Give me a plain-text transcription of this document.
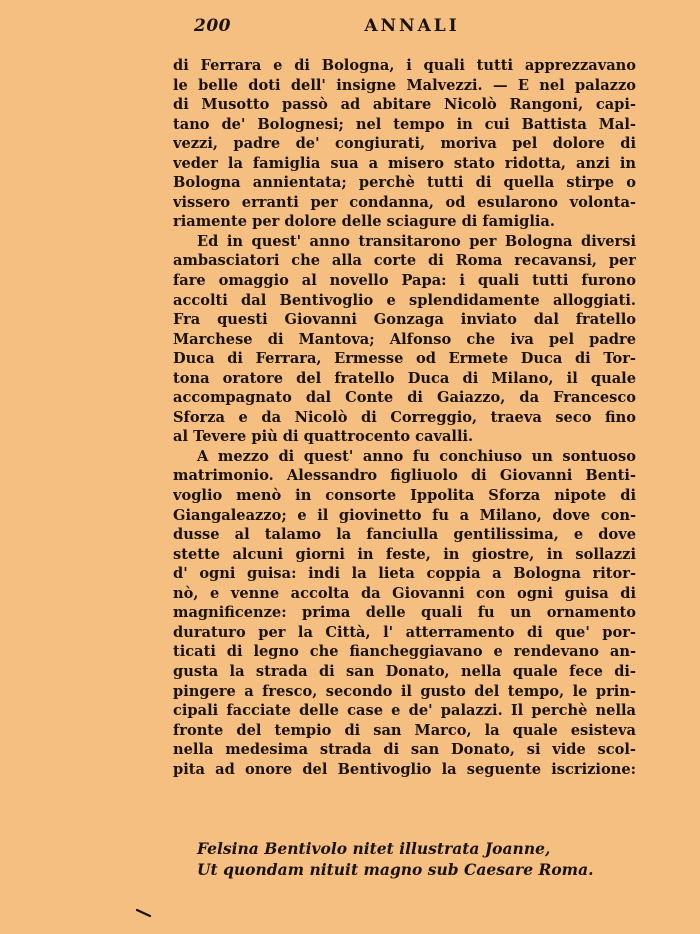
200	ANNALI
di Ferrara e di Bologna, i quali tutti apprezzavano
le belle doti dell' insigne Malvezzi. — E nel palazzo
di Musotto passò ad abitare Nicolò Rangoni, capi-
tano de' Bolognesi; nel tempo in cui Battista Mal-
vezzi, padre de' congiurati, moriva pel dolore di
veder la famiglia sua a misero stato ridotta, anzi in
Bologna annientata; perchè tutti di quella stirpe o
vissero erranti per condanna, od esularono volonta-
riamente per dolore delle sciagure di famiglia.
Ed in quest' anno transitarono per Bologna diversi
ambasciatori che alla corte di Roma recavansi, per
fare omaggio al novello Papa: i quali tutti furono
accolti dal Bentivoglio e splendidamente alloggiati.
Fra questi Giovanni Gonzaga inviato dal fratello
Marchese di Mantova; Alfonso che iva pel padre
Duca di Ferrara, Ermesse od Ermete Duca di Tor-
tona oratore del fratello Duca di Milano, il quale
accompagnato dal Conte di Gaiazzo, da Francesco
Sforza e da Nicolò di Correggio, traeva seco fino
al Tevere più di quattrocento cavalli.
A mezzo di quest' anno fu conchiuso un sontuoso
matrimonio. Alessandro figliuolo di Giovanni Benti-
voglio menò in consorte Ippolita Sforza nipote di
Giangaleazzo; e il giovinetto fu a Milano, dove con-
dusse al talamo la fanciulla gentilissima, e dove
stette alcuni giorni in feste, in giostre, in sollazzi
d' ogni guisa: indi la lieta coppia a Bologna ritor-
nò, e venne accolta da Giovanni con ogni guisa di
magnificenze: prima delle quali fu un ornamento
duraturo per la Città, l' atterramento di que' por-
ticati di legno che fiancheggiavano e rendevano an-
gusta la strada di san Donato, nella quale fece di-
pingere a fresco, secondo il gusto del tempo, le prin-
cipali facciate delle case e de' palazzi. Il perchè nella
fronte del tempio di san Marco, la quale esisteva
nella medesima strada di san Donato, si vide scol-
pita ad onore del Bentivoglio la seguente iscrizione:
Felsina Bentivolo nitet illustrata Joanne,
Ut quondam nituit magno sub Caesare Roma.
